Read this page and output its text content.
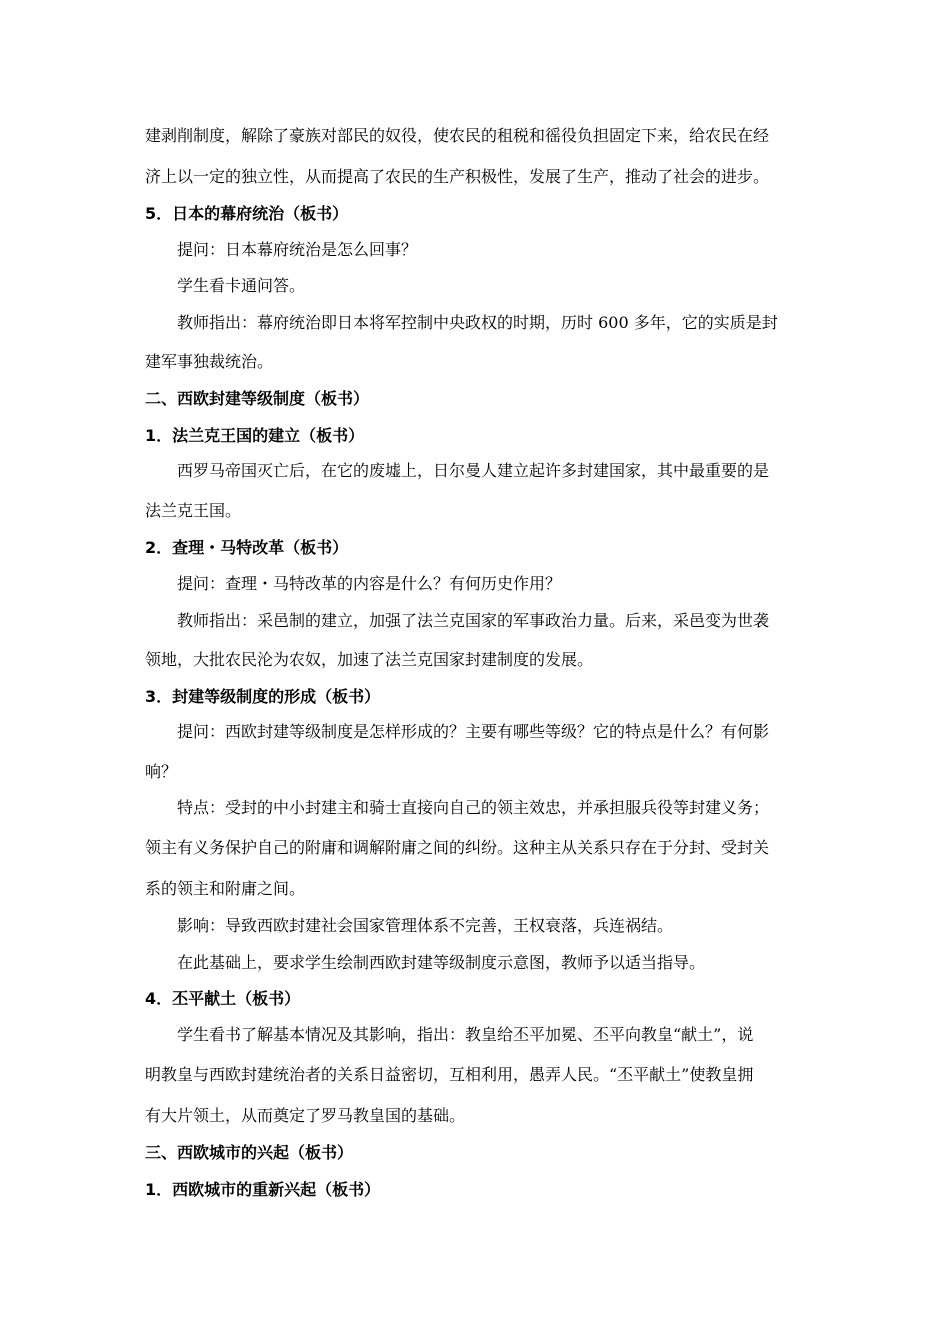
建剥削制度，解除了豪族对部民的奴役，使农民的租税和徭役负担固定下来，给农民在经
济上以一定的独立性，从而提高了农民的生产积极性，发展了生产，推动了社会的进步。
5．日本的幕府统治（板书）
提问：日本幕府统治是怎么回事？
学生看卡通问答。
教师指出：幕府统治即日本将军控制中央政权的时期，历时 600 多年，它的实质是封
建军事独裁统治。
二、西欧封建等级制度（板书）
1．法兰克王国的建立（板书）
西罗马帝国灭亡后，在它的废墟上，日尔曼人建立起许多封建国家，其中最重要的是
法兰克王国。
2．查理・马特改革（板书）
提问：查理・马特改革的内容是什么？有何历史作用？
教师指出：采邑制的建立，加强了法兰克国家的军事政治力量。后来，采邑变为世袭
领地，大批农民沦为农奴，加速了法兰克国家封建制度的发展。
3．封建等级制度的形成（板书）
提问：西欧封建等级制度是怎样形成的？主要有哪些等级？它的特点是什么？有何影
响？
特点：受封的中小封建主和骑士直接向自己的领主效忠，并承担服兵役等封建义务；
领主有义务保护自己的附庸和调解附庸之间的纠纷。这种主从关系只存在于分封、受封关
系的领主和附庸之间。
影响：导致西欧封建社会国家管理体系不完善，王权衰落，兵连祸结。
在此基础上，要求学生绘制西欧封建等级制度示意图，教师予以适当指导。
4．丕平献土（板书）
学生看书了解基本情况及其影响，指出：教皇给丕平加冕、丕平向教皇“献土”，说
明教皇与西欧封建统治者的关系日益密切，互相利用，愚弄人民。“丕平献土”使教皇拥
有大片领土，从而奠定了罗马教皇国的基础。
三、西欧城市的兴起（板书）
1．西欧城市的重新兴起（板书）
